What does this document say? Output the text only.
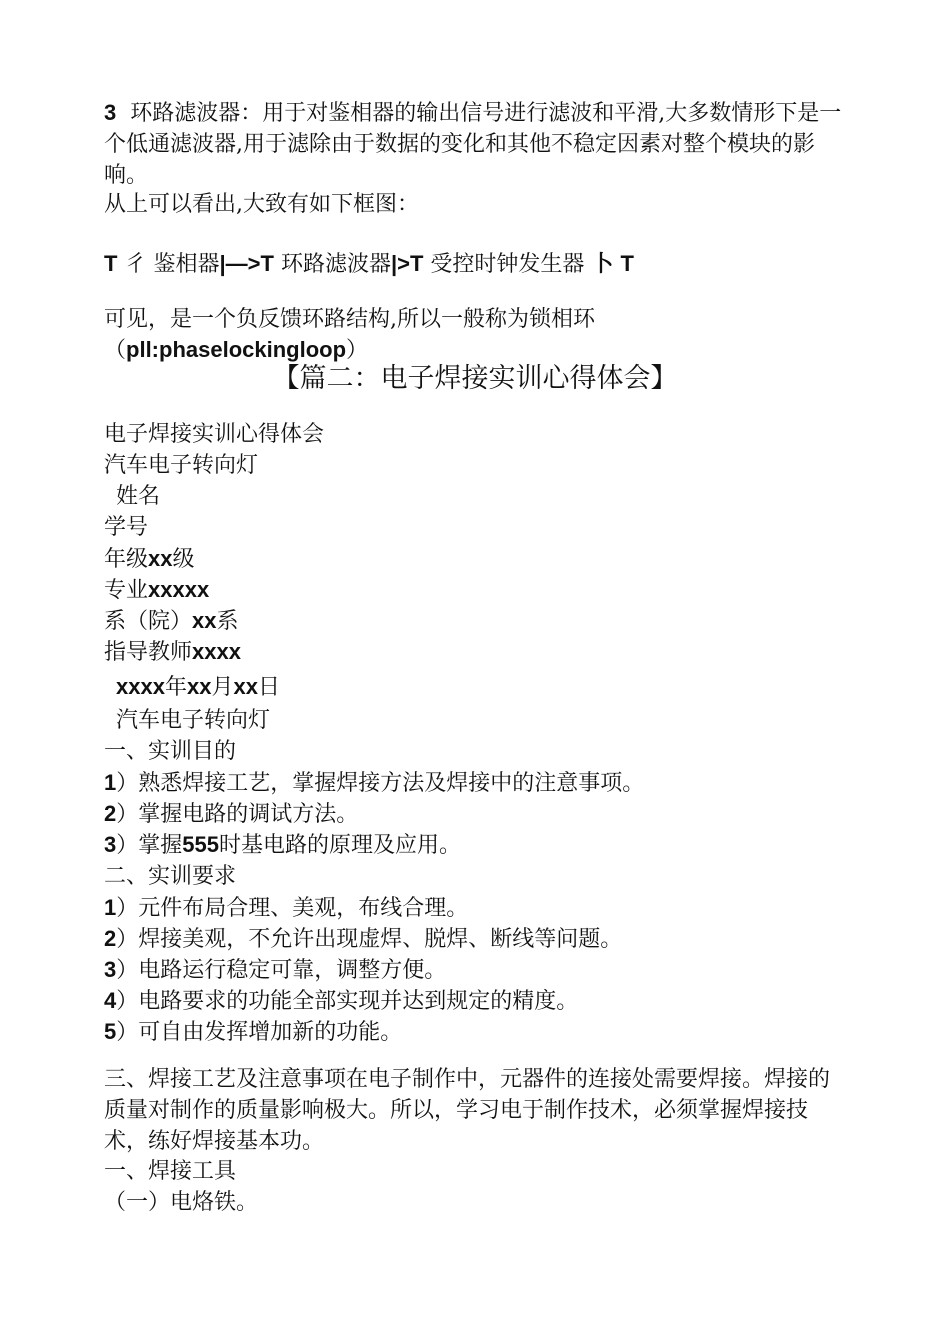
3 环路滤波器：用于对鉴相器的输出信号进行滤波和平滑,大多数情形下是一个低通滤波器,用于滤除由于数据的变化和其他不稳定因素对整个模块的影响。

从上可以看出,大致有如下框图：

T 彳 鉴相器|—>T 环路滤波器|>T 受控时钟发生器 卜 T

可见，是一个负反馈环路结构,所以一般称为锁相环

（pll:phaselockingloop）

【篇二：电子焊接实训心得体会】

电子焊接实训心得体会

汽车电子转向灯

姓名

学号

年级xx级

专业xxxxx

系（院）xx系

指导教师xxxx

xxxx年xx月xx日

汽车电子转向灯

一、实训目的

1）熟悉焊接工艺，掌握焊接方法及焊接中的注意事项。

2）掌握电路的调试方法。

3）掌握555时基电路的原理及应用。

二、实训要求

1）元件布局合理、美观，布线合理。

2）焊接美观，不允许出现虚焊、脱焊、断线等问题。

3）电路运行稳定可靠，调整方便。

4）电路要求的功能全部实现并达到规定的精度。

5）可自由发挥增加新的功能。

三、焊接工艺及注意事项在电子制作中，元器件的连接处需要焊接。焊接的质量对制作的质量影响极大。所以，学习电于制作技术，必须掌握焊接技术，练好焊接基本功。

一、焊接工具

（一）电烙铁。
